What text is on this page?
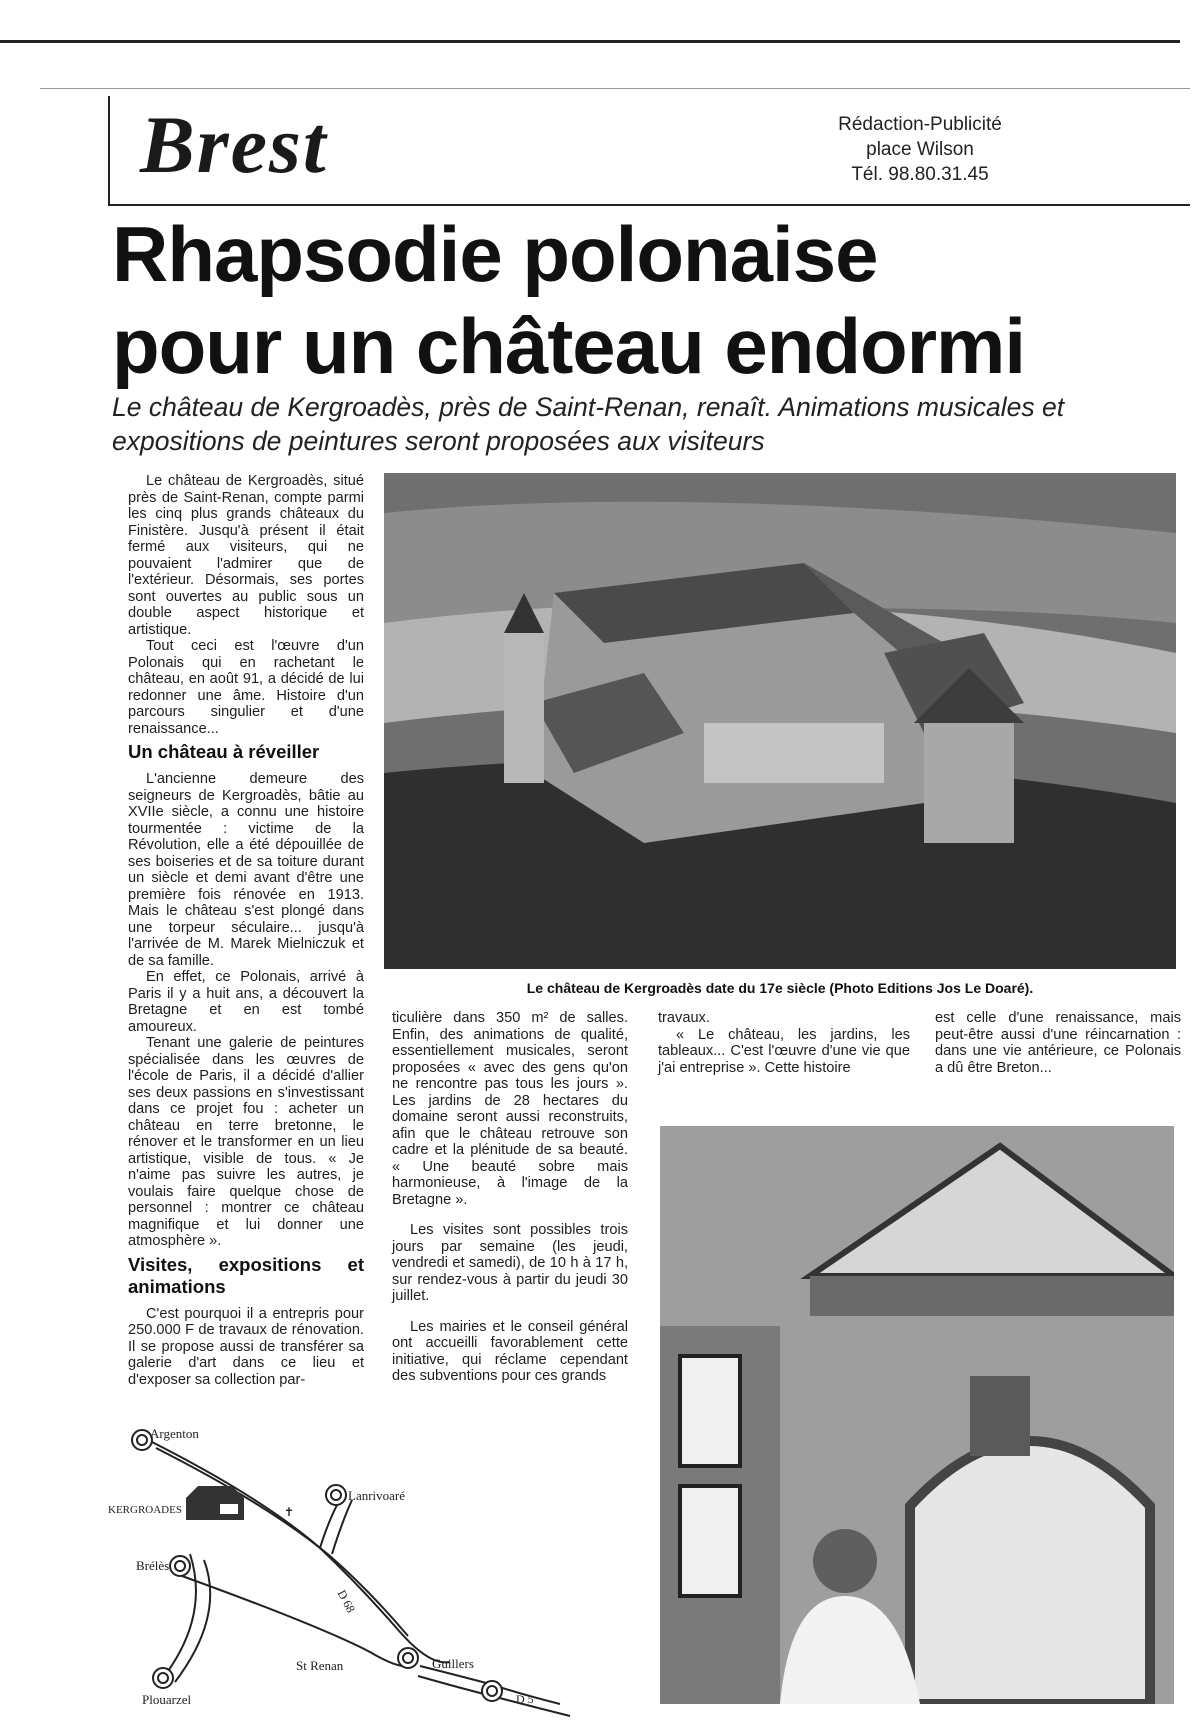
Brest	Rédaction-Publicité
place Wilson
Tél. 98.80.31.45
Rhapsodie polonaise
pour un château endormi
Le château de Kergroadès, près de Saint-Renan, renaît. Animations musicales et expositions de peintures seront proposées aux visiteurs

Le château de Kergroadès, situé près de Saint-Renan, compte parmi les cinq plus grands châteaux du Finistère. Jusqu'à présent il était fermé aux visiteurs, qui ne pouvaient l'admirer que de l'extérieur. Désormais, ses portes sont ouvertes au public sous un double aspect historique et artistique.

Tout ceci est l'œuvre d'un Polonais qui en rachetant le château, en août 91, a décidé de lui redonner une âme. Histoire d'un parcours singulier et d'une renaissance...

Un château à réveiller

L'ancienne demeure des seigneurs de Kergroadès, bâtie au XVIIe siècle, a connu une histoire tourmentée : victime de la Révolution, elle a été dépouillée de ses boiseries et de sa toiture durant un siècle et demi avant d'être une première fois rénovée en 1913. Mais le château s'est plongé dans une torpeur séculaire... jusqu'à l'arrivée de M. Marek Mielniczuk et de sa famille.

En effet, ce Polonais, arrivé à Paris il y a huit ans, a découvert la Bretagne et en est tombé amoureux.

Tenant une galerie de peintures spécialisée dans les œuvres de l'école de Paris, il a décidé d'allier ses deux passions en s'investissant dans ce projet fou : acheter un château en terre bretonne, le rénover et le transformer en un lieu artistique, visible de tous. « Je n'aime pas suivre les autres, je voulais faire quelque chose de personnel : montrer ce château magnifique et lui donner une atmosphère ».

Visites, expositions et animations

C'est pourquoi il a entrepris pour 250.000 F de travaux de rénovation. Il se propose aussi de transférer sa galerie d'art dans ce lieu et d'exposer sa collection par-

Le château de Kergroadès date du 17e siècle (Photo Editions Jos Le Doaré).

ticulière dans 350 m² de salles. Enfin, des animations de qualité, essentiellement musicales, seront proposées « avec des gens qu'on ne rencontre pas tous les jours ». Les jardins de 28 hectares du domaine seront aussi reconstruits, afin que le château retrouve son cadre et la plénitude de sa beauté. « Une beauté sobre mais harmonieuse, à l'image de la Bretagne ».

Les visites sont possibles trois jours par semaine (les jeudi, vendredi et samedi), de 10 h à 17 h, sur rendez-vous à partir du jeudi 30 juillet.

Les mairies et le conseil général ont accueilli favorablement cette initiative, qui réclame cependant des subventions pour ces grands

travaux.

« Le château, les jardins, les tableaux... C'est l'œuvre d'une vie que j'ai entreprise ». Cette histoire

est celle d'une renaissance, mais peut-être aussi d'une réincarnation : dans une vie antérieure, ce Polonais a dû être Breton...

✝
Argenton
KERGROADES
Lanrivoaré
Brélès
Plouarzel
St Renan	Guillers
D 68
D 5
